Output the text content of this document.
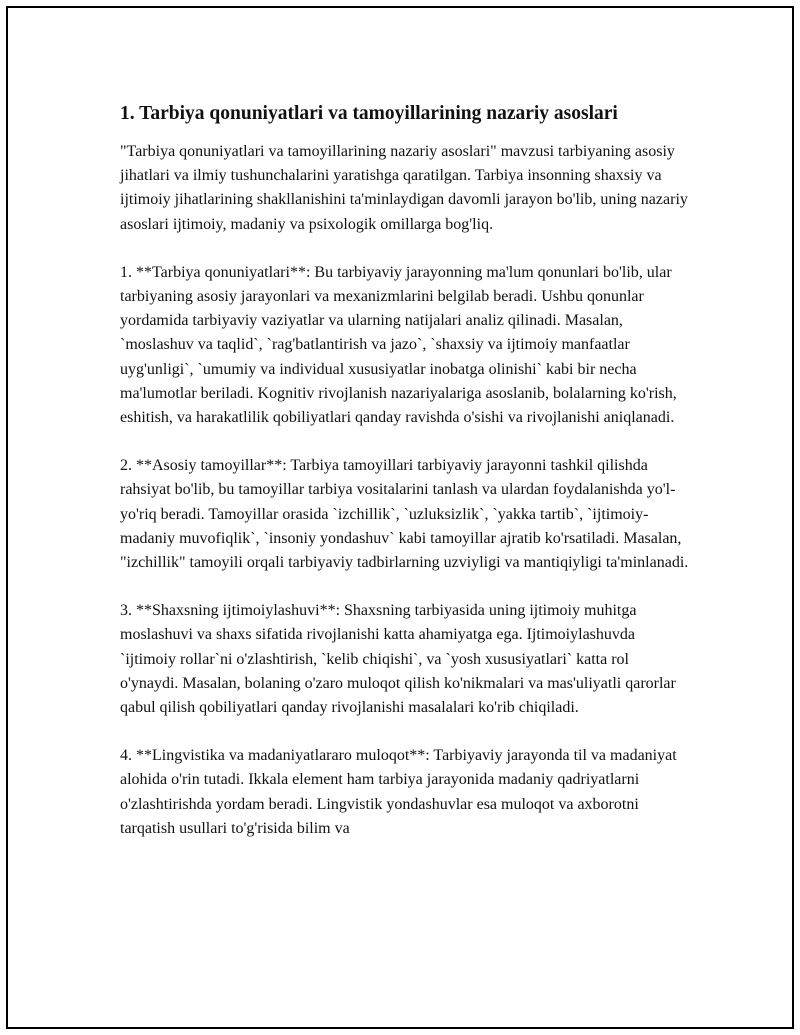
1. Tarbiya qonuniyatlari va tamoyillarining nazariy asoslari

"Tarbiya qonuniyatlari va tamoyillarining nazariy asoslari" mavzusi tarbiyaning asosiy jihatlari va ilmiy tushunchalarini yaratishga qaratilgan. Tarbiya insonning shaxsiy va ijtimoiy jihatlarining shakllanishini ta'minlaydigan davomli jarayon bo'lib, uning nazariy asoslari ijtimoiy, madaniy va psixologik omillarga bog'liq.

1. **Tarbiya qonuniyatlari**: Bu tarbiyaviy jarayonning ma'lum qonunlari bo'lib, ular tarbiyaning asosiy jarayonlari va mexanizmlarini belgilab beradi. Ushbu qonunlar yordamida tarbiyaviy vaziyatlar va ularning natijalari analiz qilinadi. Masalan, `moslashuv va taqlid`, `rag'batlantirish va jazo`, `shaxsiy va ijtimoiy manfaatlar uyg'unligi`, `umumiy va individual xususiyatlar inobatga olinishi` kabi bir necha ma'lumotlar beriladi. Kognitiv rivojlanish nazariyalariga asoslanib, bolalarning ko'rish, eshitish, va harakatlilik qobiliyatlari qanday ravishda o'sishi va rivojlanishi aniqlanadi.

2. **Asosiy tamoyillar**: Tarbiya tamoyillari tarbiyaviy jarayonni tashkil qilishda rahsiyat bo'lib, bu tamoyillar tarbiya vositalarini tanlash va ulardan foydalanishda yo'l-yo'riq beradi. Tamoyillar orasida `izchillik`, `uzluksizlik`, `yakka tartib`, `ijtimoiy-madaniy muvofiqlik`, `insoniy yondashuv` kabi tamoyillar ajratib ko'rsatiladi. Masalan, "izchillik" tamoyili orqali tarbiyaviy tadbirlarning uzviyligi va mantiqiyligi ta'minlanadi.

3. **Shaxsning ijtimoiylashuvi**: Shaxsning tarbiyasida uning ijtimoiy muhitga moslashuvi va shaxs sifatida rivojlanishi katta ahamiyatga ega. Ijtimoiylashuvda `ijtimoiy rollar`ni o'zlashtirish, `kelib chiqishi`, va `yosh xususiyatlari` katta rol o'ynaydi. Masalan, bolaning o'zaro muloqot qilish ko'nikmalari va mas'uliyatli qarorlar qabul qilish qobiliyatlari qanday rivojlanishi masalalari ko'rib chiqiladi.

4. **Lingvistika va madaniyatlararo muloqot**: Tarbiyaviy jarayonda til va madaniyat alohida o'rin tutadi. Ikkala element ham tarbiya jarayonida madaniy qadriyatlarni o'zlashtirishda yordam beradi. Lingvistik yondashuvlar esa muloqot va axborotni tarqatish usullari to'g'risida bilim va
